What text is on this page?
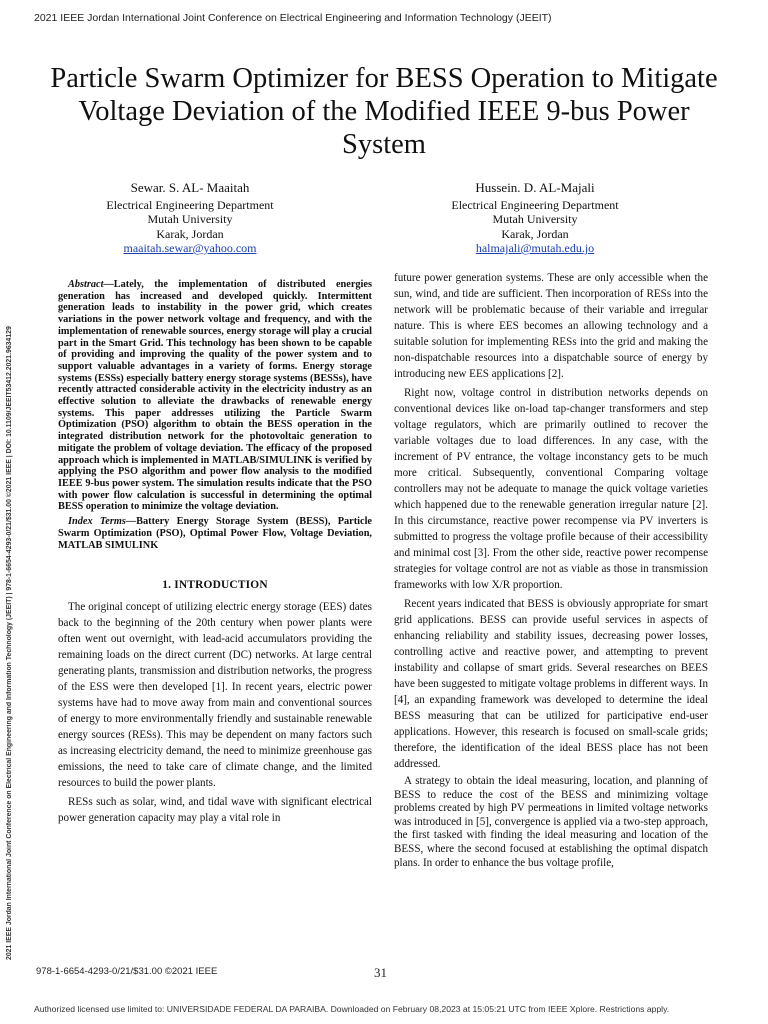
2021 IEEE Jordan International Joint Conference on Electrical Engineering and Information Technology (JEEIT)
2021 IEEE Jordan International Joint Conference on Electrical Engineering and Information Technology (JEEIT) | 978-1-6654-4293-0/21/$31.00 ©2021 IEEE | DOI: 10.1109/JEEIT53412.2021.9634129
Particle Swarm Optimizer for BESS Operation to Mitigate Voltage Deviation of the Modified IEEE 9-bus Power System
Sewar. S. AL- Maaitah
Electrical Engineering Department
Mutah University
Karak, Jordan
maaitah.sewar@yahoo.com
Hussein. D. AL-Majali
Electrical Engineering Department
Mutah University
Karak, Jordan
halmajali@mutah.edu.jo

Abstract—Lately, the implementation of distributed energies generation has increased and developed quickly. Intermittent generation leads to instability in the power grid, which creates variations in the power network voltage and frequency, and with the implementation of renewable sources, energy storage will play a crucial part in the Smart Grid. This technology has been shown to be capable of providing and improving the quality of the power system and to support valuable advantages in a variety of forms. Energy storage systems (ESSs) especially battery energy storage systems (BESSs), have recently attracted considerable activity in the electricity industry as an effective solution to alleviate the drawbacks of renewable energy systems. This paper addresses utilizing the Particle Swarm Optimization (PSO) algorithm to obtain the BESS operation in the integrated distribution network for the photovoltaic generation to mitigate the problem of voltage deviation. The efficacy of the proposed approach which is implemented in MATLAB/SIMULINK is verified by applying the PSO algorithm and power flow analysis to the modified IEEE 9-bus power system. The simulation results indicate that the PSO with power flow calculation is successful in determining the optimal BESS operation to minimize the voltage deviation.

Index Terms—Battery Energy Storage System (BESS), Particle Swarm Optimization (PSO), Optimal Power Flow, Voltage Deviation, MATLAB SIMULINK

1. INTRODUCTION

The original concept of utilizing electric energy storage (EES) dates back to the beginning of the 20th century when power plants were often went out overnight, with lead-acid accumulators providing the remaining loads on the direct current (DC) networks. At large central generating plants, transmission and distribution networks, the progress of the ESS were then developed [1]. In recent years, electric power systems have had to move away from main and conventional sources of energy to more environmentally friendly and sustainable renewable energy sources (RESs). This may be dependent on many factors such as increasing electricity demand, the need to minimize greenhouse gas emissions, the need to take care of climate change, and the limited resources to build the power plants.

RESs such as solar, wind, and tidal wave with significant electrical power generation capacity may play a vital role in

future power generation systems. These are only accessible when the sun, wind, and tide are sufficient. Then incorporation of RESs into the network will be problematic because of their variable and irregular nature. This is where EES becomes an allowing technology and a suitable solution for implementing RESs into the grid and making the non-dispatchable resources into a dispatchable source of energy by introducing new EES applications [2].

Right now, voltage control in distribution networks depends on conventional devices like on-load tap-changer transformers and step voltage regulators, which are primarily outlined to recover the variable voltages due to load differences. In any case, with the increment of PV entrance, the voltage inconstancy gets to be much more critical. Subsequently, conventional Comparing voltage controllers may not be adequate to manage the quick voltage varieties which happened due to the renewable generation irregular nature [2]. In this circumstance, reactive power recompense via PV inverters is submitted to progress the voltage profile because of their accessibility and minimal cost [3]. From the other side, reactive power recompense strategies for voltage control are not as viable as those in transmission frameworks with low X/R proportion.

Recent years indicated that BESS is obviously appropriate for smart grid applications. BESS can provide useful services in aspects of enhancing reliability and stability issues, decreasing power losses, controlling active and reactive power, and attempting to prevent instability and collapse of smart grids. Several researches on BEES have been suggested to mitigate voltage problems in different ways. In [4], an expanding framework was developed to determine the ideal BESS measuring that can be utilized for participative end-user applications. However, this research is focused on small-scale grids; therefore, the identification of the ideal BESS place has not been addressed.

A strategy to obtain the ideal measuring, location, and planning of BESS to reduce the cost of the BESS and minimizing voltage problems created by high PV permeations in limited voltage networks was introduced in [5], convergence is applied via a two-step approach, the first tasked with finding the ideal measuring and location of the BESS, where the second focused at establishing the optimal dispatch plans. In order to enhance the bus voltage profile,

978-1-6654-4293-0/21/$31.00 ©2021 IEEE	31
Authorized licensed use limited to: UNIVERSIDADE FEDERAL DA PARAIBA. Downloaded on February 08,2023 at 15:05:21 UTC from IEEE Xplore. Restrictions apply.
